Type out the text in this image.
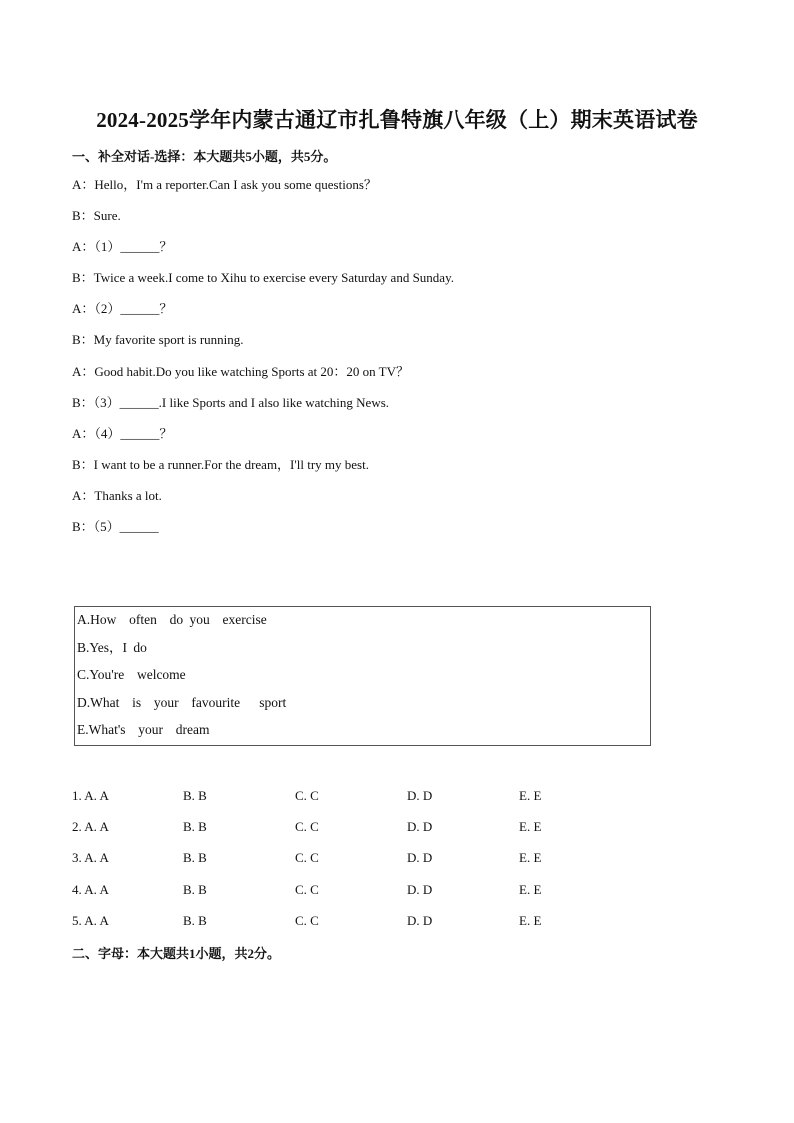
2024-2025学年内蒙古通辽市扎鲁特旗八年级（上）期末英语试卷
一、补全对话-选择：本大题共5小题，共5分。
A：Hello，I'm a reporter.Can I ask you some questions？
B：Sure.
A：（1）______？
B：Twice a week.I come to Xihu to exercise every Saturday and Sunday.
A：（2）______？
B：My favorite sport is running.
A：Good habit.Do you like watching Sports at 20：20 on TV？
B：（3）______.I like Sports and I also like watching News.
A：（4）______？
B：I want to be a runner.For the dream，I'll try my best.
A：Thanks a lot.
B：（5）______
A.How  often  do you  exercise
B.Yes，I do
C.You're  welcome
D.What  is  your  favourite   sport
E.What's  your  dream
1. A. A	B. B	C. C	D. D	E. E
2. A. A	B. B	C. C	D. D	E. E
3. A. A	B. B	C. C	D. D	E. E
4. A. A	B. B	C. C	D. D	E. E
5. A. A	B. B	C. C	D. D	E. E
二、字母：本大题共1小题，共2分。
